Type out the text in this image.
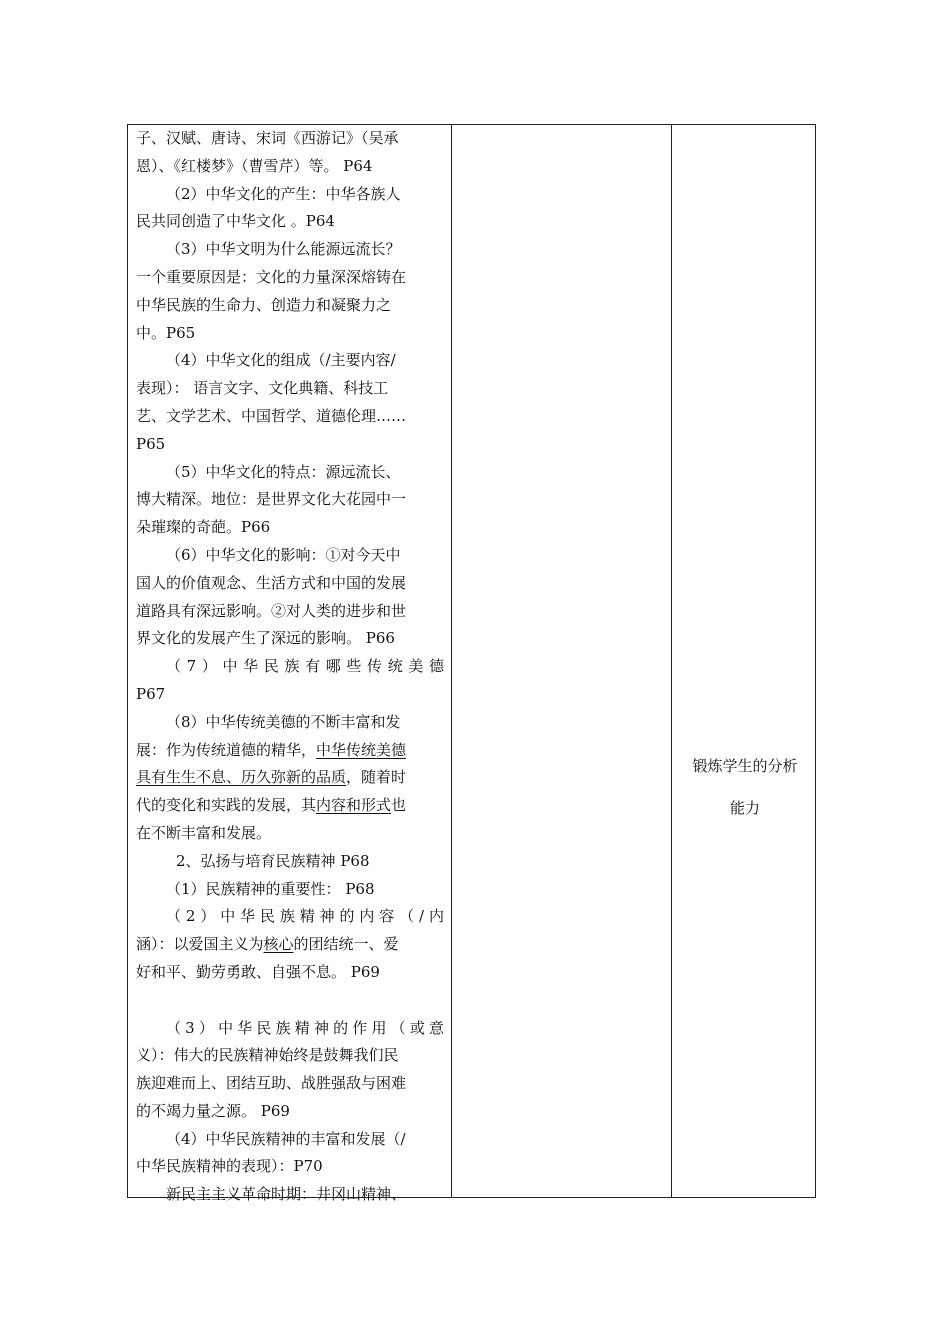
子、汉赋、唐诗、宋词《西游记》（吴承
恩）、《红楼梦》（曹雪芹）等。 P64
（2）中华文化的产生：中华各族人
民共同创造了中华文化 。P64
（3）中华文明为什么能源远流长？
一个重要原因是：文化的力量深深熔铸在
中华民族的生命力、创造力和凝聚力之
中。P65
（4）中华文化的组成（/主要内容/
表现）： 语言文字、文化典籍、科技工
艺、文学艺术、中国哲学、道德伦理……
P65
（5）中华文化的特点：源远流长、
博大精深。地位：是世界文化大花园中一
朵璀璨的奇葩。P66
（6）中华文化的影响：①对今天中
国人的价值观念、生活方式和中国的发展
道路具有深远影响。②对人类的进步和世
界文化的发展产生了深远的影响。 P66
（7）中华民族有哪些传统美德
P67
（8）中华传统美德的不断丰富和发
展：作为传统道德的精华，中华传统美德
具有生生不息、历久弥新的品质，随着时
代的变化和实践的发展，其内容和形式也
在不断丰富和发展。
2、弘扬与培育民族精神 P68
（1）民族精神的重要性： P68
（2）中华民族精神的内容（/内
涵）：以爱国主义为核心的团结统一、爱
好和平、勤劳勇敢、自强不息。 P69
（3）中华民族精神的作用（或意
义）：伟大的民族精神始终是鼓舞我们民
族迎难而上、团结互助、战胜强敌与困难
的不竭力量之源。 P69
（4）中华民族精神的丰富和发展（/
中华民族精神的表现）：P70
新民主主义革命时期：井冈山精神、
锻炼学生的分析
能力
